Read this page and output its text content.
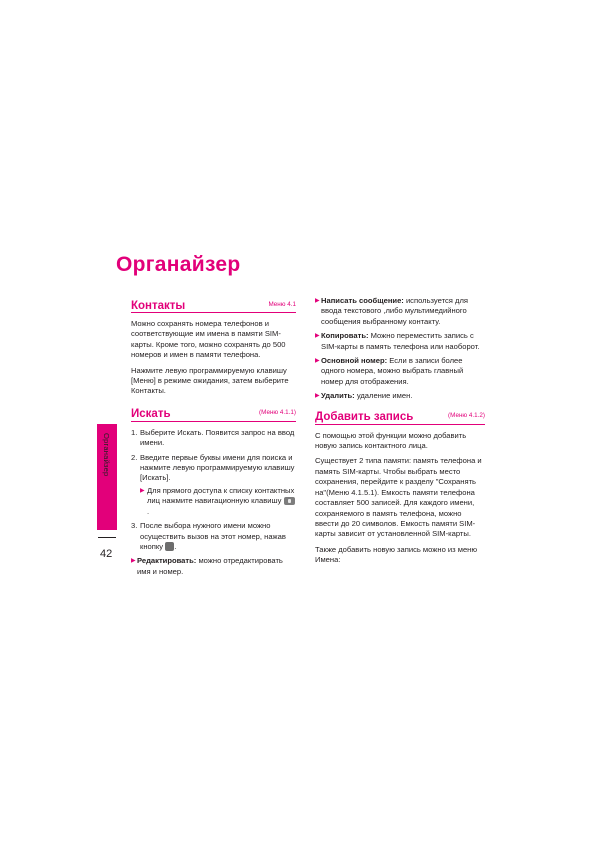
Органайзер
Контакты	Меню 4.1

Можно сохранять номера телефонов и соответствующие им имена в памяти SIM-карты. Кроме того, можно сохранять до 500 номеров и имен в памяти телефона.

Нажмите левую программируемую клавишу [Меню] в режиме ожидания, затем выберите Контакты.

Искать	(Меню 4.1.1)
1. Выберите Искать. Появится запрос на ввод имени.
2. Введите первые буквы имени для поиска и нажмите левую программируемую клавишу [Искать].
▶ Для прямого доступа к списку контактных лиц нажмите навигационную клавишу .
3. После выбора нужного имени можно осуществить вызов на этот номер, нажав кнопку .
▶ Редактировать: можно отредактировать имя и номер.
▶ Написать сообщение: используется для ввода текстового ,либо мультимедийного сообщения выбранному контакту.
▶ Копировать: Можно переместить запись с SIM-карты в память телефона или наоборот.
▶ Основной номер: Если в записи более одного номера, можно выбрать главный номер для отображения.
▶ Удалить: удаление имен.
Добавить запись	(Меню 4.1.2)

С помощью этой функции можно добавить новую запись контактного лица.

Существует 2 типа памяти: память телефона и память SIM-карты. Чтобы выбрать место сохранения, перейдите к разделу "Сохранять на"(Меню 4.1.5.1). Емкость памяти телефона составляет 500 записей. Для каждого имени, сохраняемого в память телефона, можно ввести до 20 символов. Емкость памяти SIM-карты зависит от установленной SIM-карты.

Также добавить новую запись можно из меню Имена:

Органайзер
42
